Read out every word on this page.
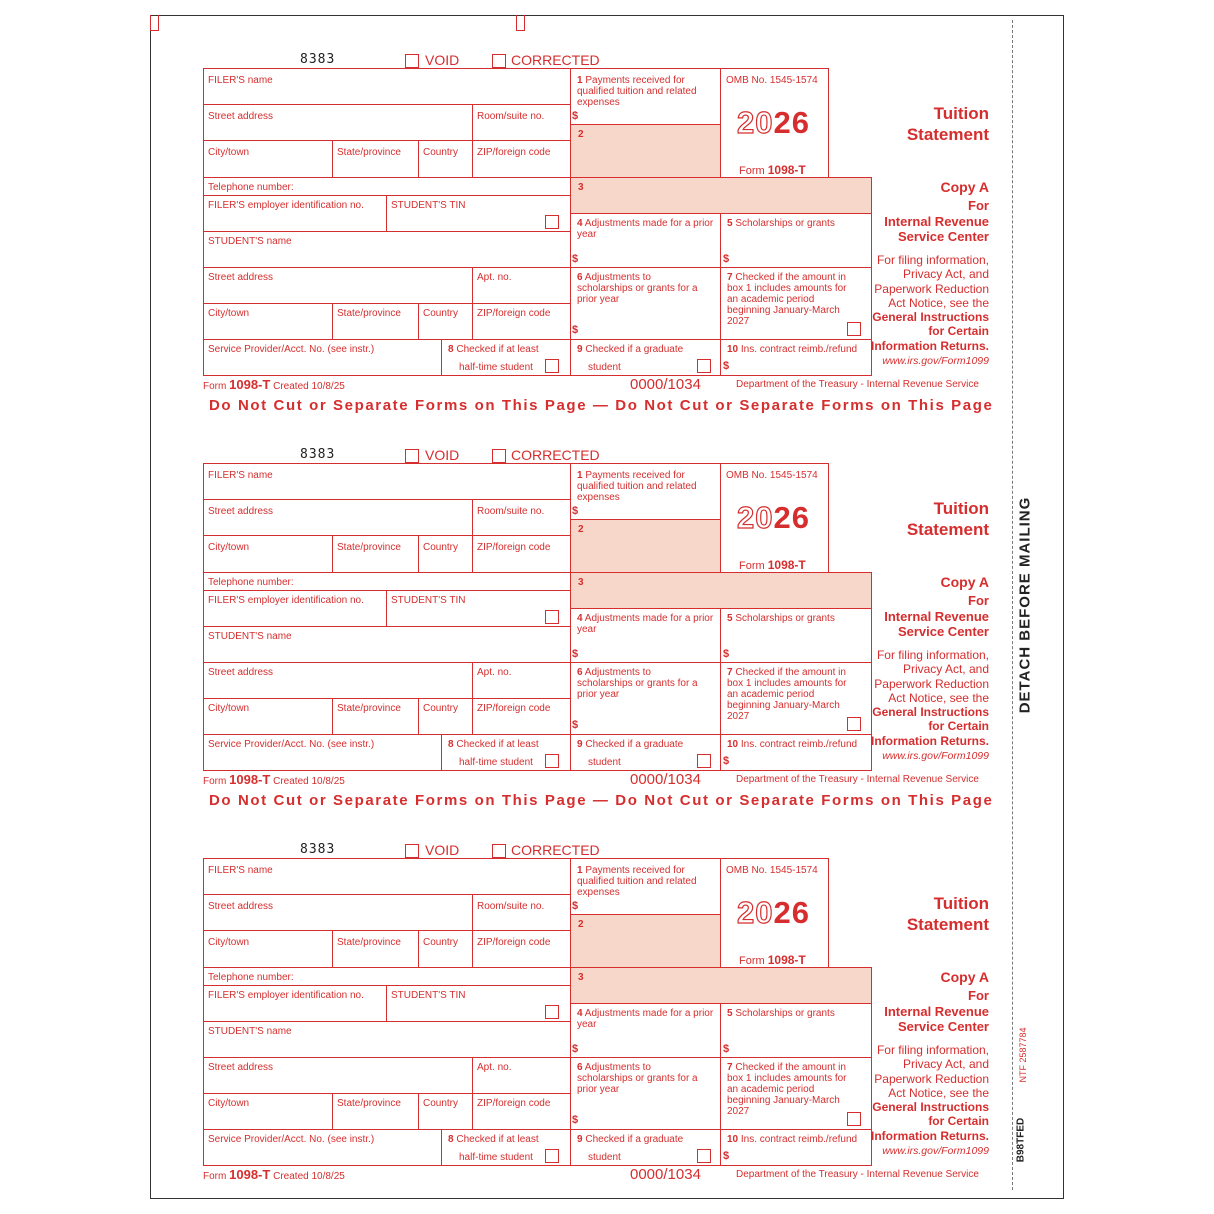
DETACH BEFORE MAILING
NTF 2587784
B98TFED
8383	VOID	CORRECTED
FILER'S name
Street address	Room/suite no.
City/town	State/province Country ZIP/foreign code
Telephone number:
FILER'S employer identification no.	STUDENT'S TIN
STUDENT'S name
Street address	Apt. no.
City/town	State/province Country ZIP/foreign code
Service Provider/Acct. No. (see instr.)	8 Checked if at least
half-time student
1 Payments received for qualified tuition and related expenses
$
2
3
4 Adjustments made for a prior year
$
5 Scholarships or grants
$
6 Adjustments to scholarships or grants for a prior year
$
7 Checked if the amount in box 1 includes amounts for an academic period beginning January-March 2027
9 Checked if a graduate
student
10 Ins. contract reimb./refund
$
OMB No. 1545-1574
2026
Form 1098-T
Tuition
Statement
Copy A
For
Internal Revenue
Service Center
For filing information,
Privacy Act, and
Paperwork Reduction
Act Notice, see the
General Instructions
for Certain
Information Returns.
www.irs.gov/Form1099
Form 1098-T Created 10/8/25	0000/1034	Department of the Treasury - Internal Revenue Service
Do Not Cut or Separate Forms on This Page — Do Not Cut or Separate Forms on This Page
8383	VOID	CORRECTED
FILER'S name
Street address	Room/suite no.
City/town	State/province Country ZIP/foreign code
Telephone number:
FILER'S employer identification no.	STUDENT'S TIN
STUDENT'S name
Street address	Apt. no.
City/town	State/province Country ZIP/foreign code
Service Provider/Acct. No. (see instr.)	8 Checked if at least
half-time student
1 Payments received for qualified tuition and related expenses
$
2
3
4 Adjustments made for a prior year
$
5 Scholarships or grants
$
6 Adjustments to scholarships or grants for a prior year
$
7 Checked if the amount in box 1 includes amounts for an academic period beginning January-March 2027
9 Checked if a graduate
student
10 Ins. contract reimb./refund
$
OMB No. 1545-1574
2026
Form 1098-T
Tuition
Statement
Copy A
For
Internal Revenue
Service Center
For filing information,
Privacy Act, and
Paperwork Reduction
Act Notice, see the
General Instructions
for Certain
Information Returns.
www.irs.gov/Form1099
Form 1098-T Created 10/8/25	0000/1034	Department of the Treasury - Internal Revenue Service
Do Not Cut or Separate Forms on This Page — Do Not Cut or Separate Forms on This Page
8383	VOID	CORRECTED
FILER'S name
Street address	Room/suite no.
City/town	State/province Country ZIP/foreign code
Telephone number:
FILER'S employer identification no.	STUDENT'S TIN
STUDENT'S name
Street address	Apt. no.
City/town	State/province Country ZIP/foreign code
Service Provider/Acct. No. (see instr.)	8 Checked if at least
half-time student
1 Payments received for qualified tuition and related expenses
$
2
3
4 Adjustments made for a prior year
$
5 Scholarships or grants
$
6 Adjustments to scholarships or grants for a prior year
$
7 Checked if the amount in box 1 includes amounts for an academic period beginning January-March 2027
9 Checked if a graduate
student
10 Ins. contract reimb./refund
$
OMB No. 1545-1574
2026
Form 1098-T
Tuition
Statement
Copy A
For
Internal Revenue
Service Center
For filing information,
Privacy Act, and
Paperwork Reduction
Act Notice, see the
General Instructions
for Certain
Information Returns.
www.irs.gov/Form1099
Form 1098-T Created 10/8/25	0000/1034	Department of the Treasury - Internal Revenue Service
